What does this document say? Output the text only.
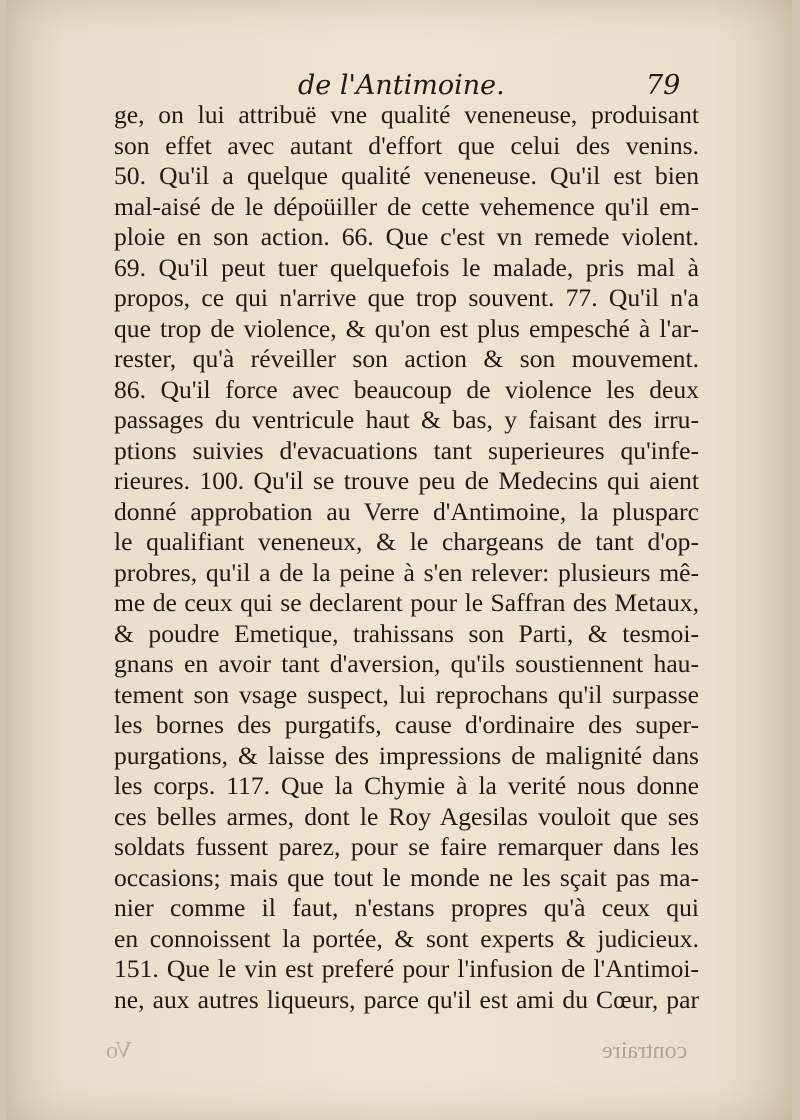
de l'Antimoine.	79
ge, on lui attribuë vne qualité veneneuse, produisant
son effet avec autant d'effort que celui des venins.
50. Qu'il a quelque qualité veneneuse. Qu'il est bien
mal-aisé de le dépoüiller de cette vehemence qu'il em-
ploie en son action. 66. Que c'est vn remede violent.
69. Qu'il peut tuer quelquefois le malade, pris mal à
propos, ce qui n'arrive que trop souvent. 77. Qu'il n'a
que trop de violence, & qu'on est plus empesché à l'ar-
rester, qu'à réveiller son action & son mouvement.
86. Qu'il force avec beaucoup de violence les deux
passages du ventricule haut & bas, y faisant des irru-
ptions suivies d'evacuations tant superieures qu'infe-
rieures. 100. Qu'il se trouve peu de Medecins qui aient
donné approbation au Verre d'Antimoine, la plusparc
le qualifiant veneneux, & le chargeans de tant d'op-
probres, qu'il a de la peine à s'en relever: plusieurs mê-
me de ceux qui se declarent pour le Saffran des Metaux,
& poudre Emetique, trahissans son Parti, & tesmoi-
gnans en avoir tant d'aversion, qu'ils soustiennent hau-
tement son vsage suspect, lui reprochans qu'il surpasse
les bornes des purgatifs, cause d'ordinaire des super-
purgations, & laisse des impressions de malignité dans
les corps. 117. Que la Chymie à la verité nous donne
ces belles armes, dont le Roy Agesilas vouloit que ses
soldats fussent parez, pour se faire remarquer dans les
occasions; mais que tout le monde ne les sçait pas ma-
nier comme il faut, n'estans propres qu'à ceux qui
en connoissent la portée, & sont experts & judicieux.
151. Que le vin est preferé pour l'infusion de l'Antimoi-
ne, aux autres liqueurs, parce qu'il est ami du Cœur, par
Vo	contraire
